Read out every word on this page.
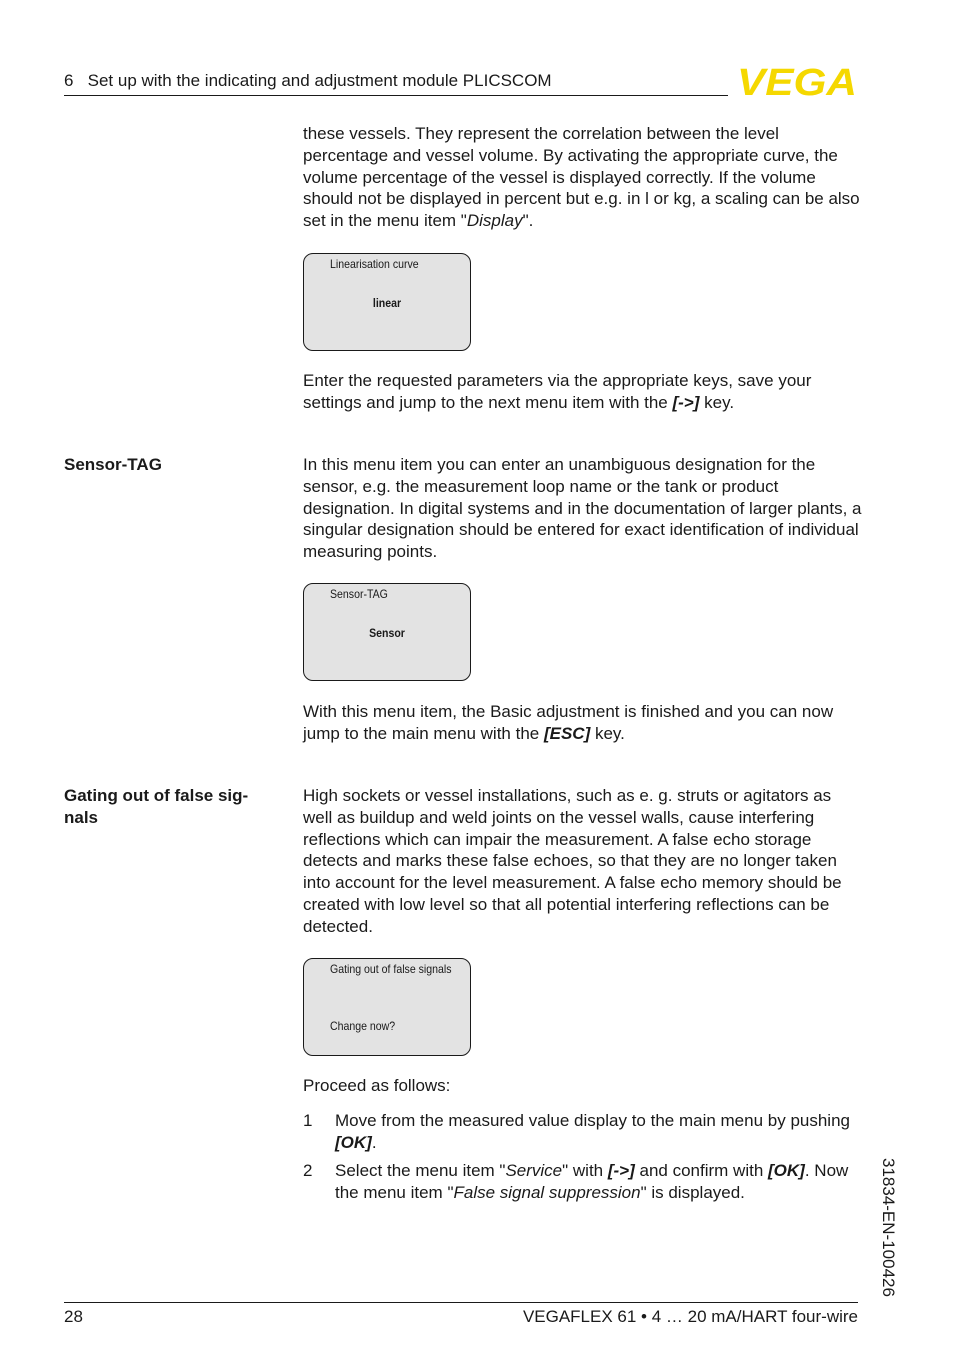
6   Set up with the indicating and adjustment module PLICSCOM	VEGA
these vessels. They represent the correlation between the level percentage and vessel volume. By activating the appropriate curve, the volume percentage of the vessel is displayed correctly. If the volume should not be displayed in percent but e.g. in l or kg, a scaling can be also set in the menu item "Display".
Linearisation curve
linear
Enter the requested parameters via the appropriate keys, save your settings and jump to the next menu item with the [->] key.
Sensor-TAG	In this menu item you can enter an unambiguous designation for the sensor, e.g. the measurement loop name or the tank or product designation. In digital systems and in the documentation of larger plants, a singular designation should be entered for exact identification of individual measuring points.
Sensor-TAG
Sensor
With this menu item, the Basic adjustment is finished and you can now jump to the main menu with the [ESC] key.
Gating out of false sig-
nals
High sockets or vessel installations, such as e. g. struts or agitators as well as buildup and weld joints on the vessel walls, cause interfering reflections which can impair the measurement. A false echo storage detects and marks these false echoes, so that they are no longer taken into account for the level measurement. A false echo memory should be created with low level so that all potential interfering reflections can be detected.
Gating out of false signals
Change now?
Proceed as follows:
1 Move from the measured value display to the main menu by pushing [OK].
2 Select the menu item "Service" with [->] and confirm with [OK]. Now the menu item "False signal suppression" is displayed.	31834-EN-100426
28	VEGAFLEX 61 • 4 … 20 mA/HART four-wire
